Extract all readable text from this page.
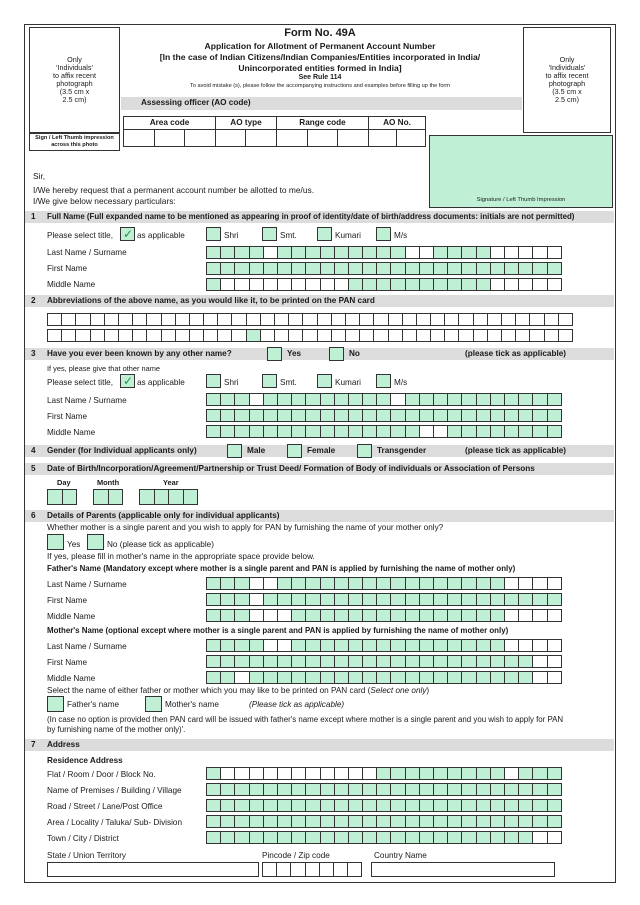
Form No. 49A
Application for Allotment of Permanent Account Number
[In the case of Indian Citizens/Indian Companies/Entities incorporated in India/
Unincorporated entities formed in India]
See Rule 114
To avoid mistake (s), please follow the accompanying instructions and examples before filling up the form
Only
'Individuals'
to affix recent
photograph
(3.5 cm x
2.5 cm)
Sign / Left Thumb impression across this photo
Only
'Individuals'
to affix recent
photograph
(3.5 cm x
2.5 cm)
Assessing officer (AO code)
Area code	AO type	Range code	AO No.
Signature / Left Thumb Impression
Sir,
I/We hereby request that a permanent account number be allotted to me/us.
I/We give below necessary particulars:
1 Full Name (Full expanded name to be mentioned as appearing in proof of identity/date of birth/address documents: initials are not permitted)
Please select title, ✓ as applicable	Shri	Smt.	Kumari	M/s
Last Name / Surname
First Name
Middle Name
2 Abbreviations of the above name, as you would like it, to be printed on the PAN card
3 Have you ever been known by any other name?	Yes	No	(please tick as applicable)
If yes, please give that other name
Please select title, ✓ as applicable	Shri	Smt.	Kumari	M/s
Last Name / Surname
First Name
Middle Name
4 Gender (for Individual applicants only)	Male	Female	Transgender	(please tick as applicable)
5 Date of Birth/Incorporation/Agreement/Partnership or Trust Deed/ Formation of Body of individuals or Association of Persons
Day	Month	Year
6 Details of Parents (applicable only for individual applicants)
Whether mother is a single parent and you wish to apply for PAN by furnishing the name of your mother only?
Yes	No (please tick as applicable)
If yes, please fill in mother's name in the appropriate space provide below.
Father's Name (Mandatory except where mother is a single parent and PAN is applied by furnishing the name of mother only)
Last Name / Surname
First Name
Middle Name
Mother's Name (optional except where mother is a single parent and PAN is applied by furnishing the name of mother only)
Last Name / Surname
First Name
Middle Name
Select the name of either father or mother which you may like to be printed on PAN card (Select one only)
Father's name	Mother's name	(Please tick as applicable)
(In case no option is provided then PAN card will be issued with father's name except where mother is a single parent and you wish to apply for PAN
by furnishing name of the mother only)'.
7 Address
Residence Address
Flat / Room / Door / Block No.
Name of Premises / Building / Village
Road / Street / Lane/Post Office
Area / Locality / Taluka/ Sub- Division
Town / City / District
State / Union Territory	Pincode / Zip code	Country Name
